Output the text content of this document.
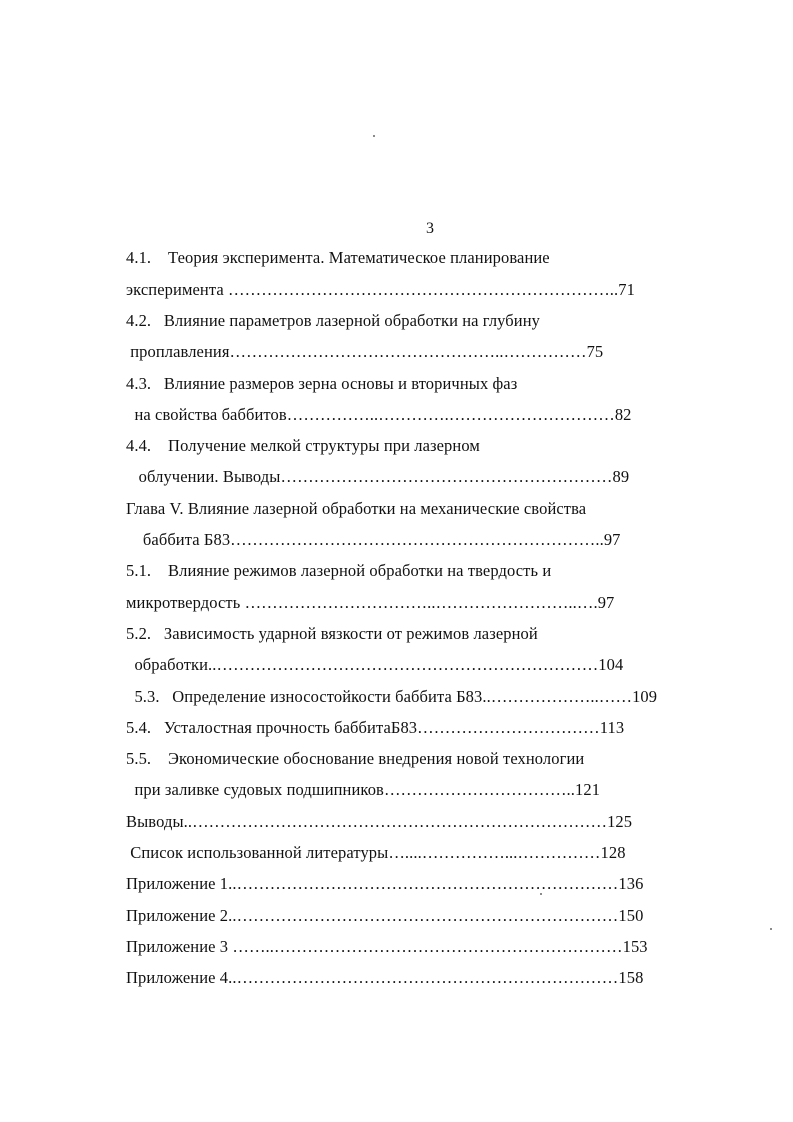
3
4.1.    Теория эксперимента. Математическое планирование
эксперимента ……………………………………………………………..71
4.2.   Влияние параметров лазерной обработки на глубину
проплавления…………………………………………..……………75
4.3.   Влияние размеров зерна основы и вторичных фаз
на свойства баббитов……………..………….…………………………82
4.4.    Получение мелкой структуры при лазерном
облучении. Выводы……………………………………………………89
Глава V. Влияние лазерной обработки на механические свойства
баббита Б83…………………………………………………………..97
5.1.    Влияние режимов лазерной обработки на твердость и
микротвердость ……………………………..……………………..….97
5.2.   Зависимость ударной вязкости от режимов лазерной
обработки..……………………………………………………………104
5.3.   Определение износостойкости баббита Б83..………………..……109
5.4.   Усталостная прочность баббитаБ83……………………………113
5.5.    Экономические обоснование внедрения новой технологии
при заливке судовых подшипников……………………………..121
Выводы..…………………………………………………………………125
Список использованной литературы…....……………...……………128
Приложение 1..……………………………………………………………136
Приложение 2..……………………………………………………………150
Приложение 3 ……..………………………………………………………153
Приложение 4..……………………………………………………………158
